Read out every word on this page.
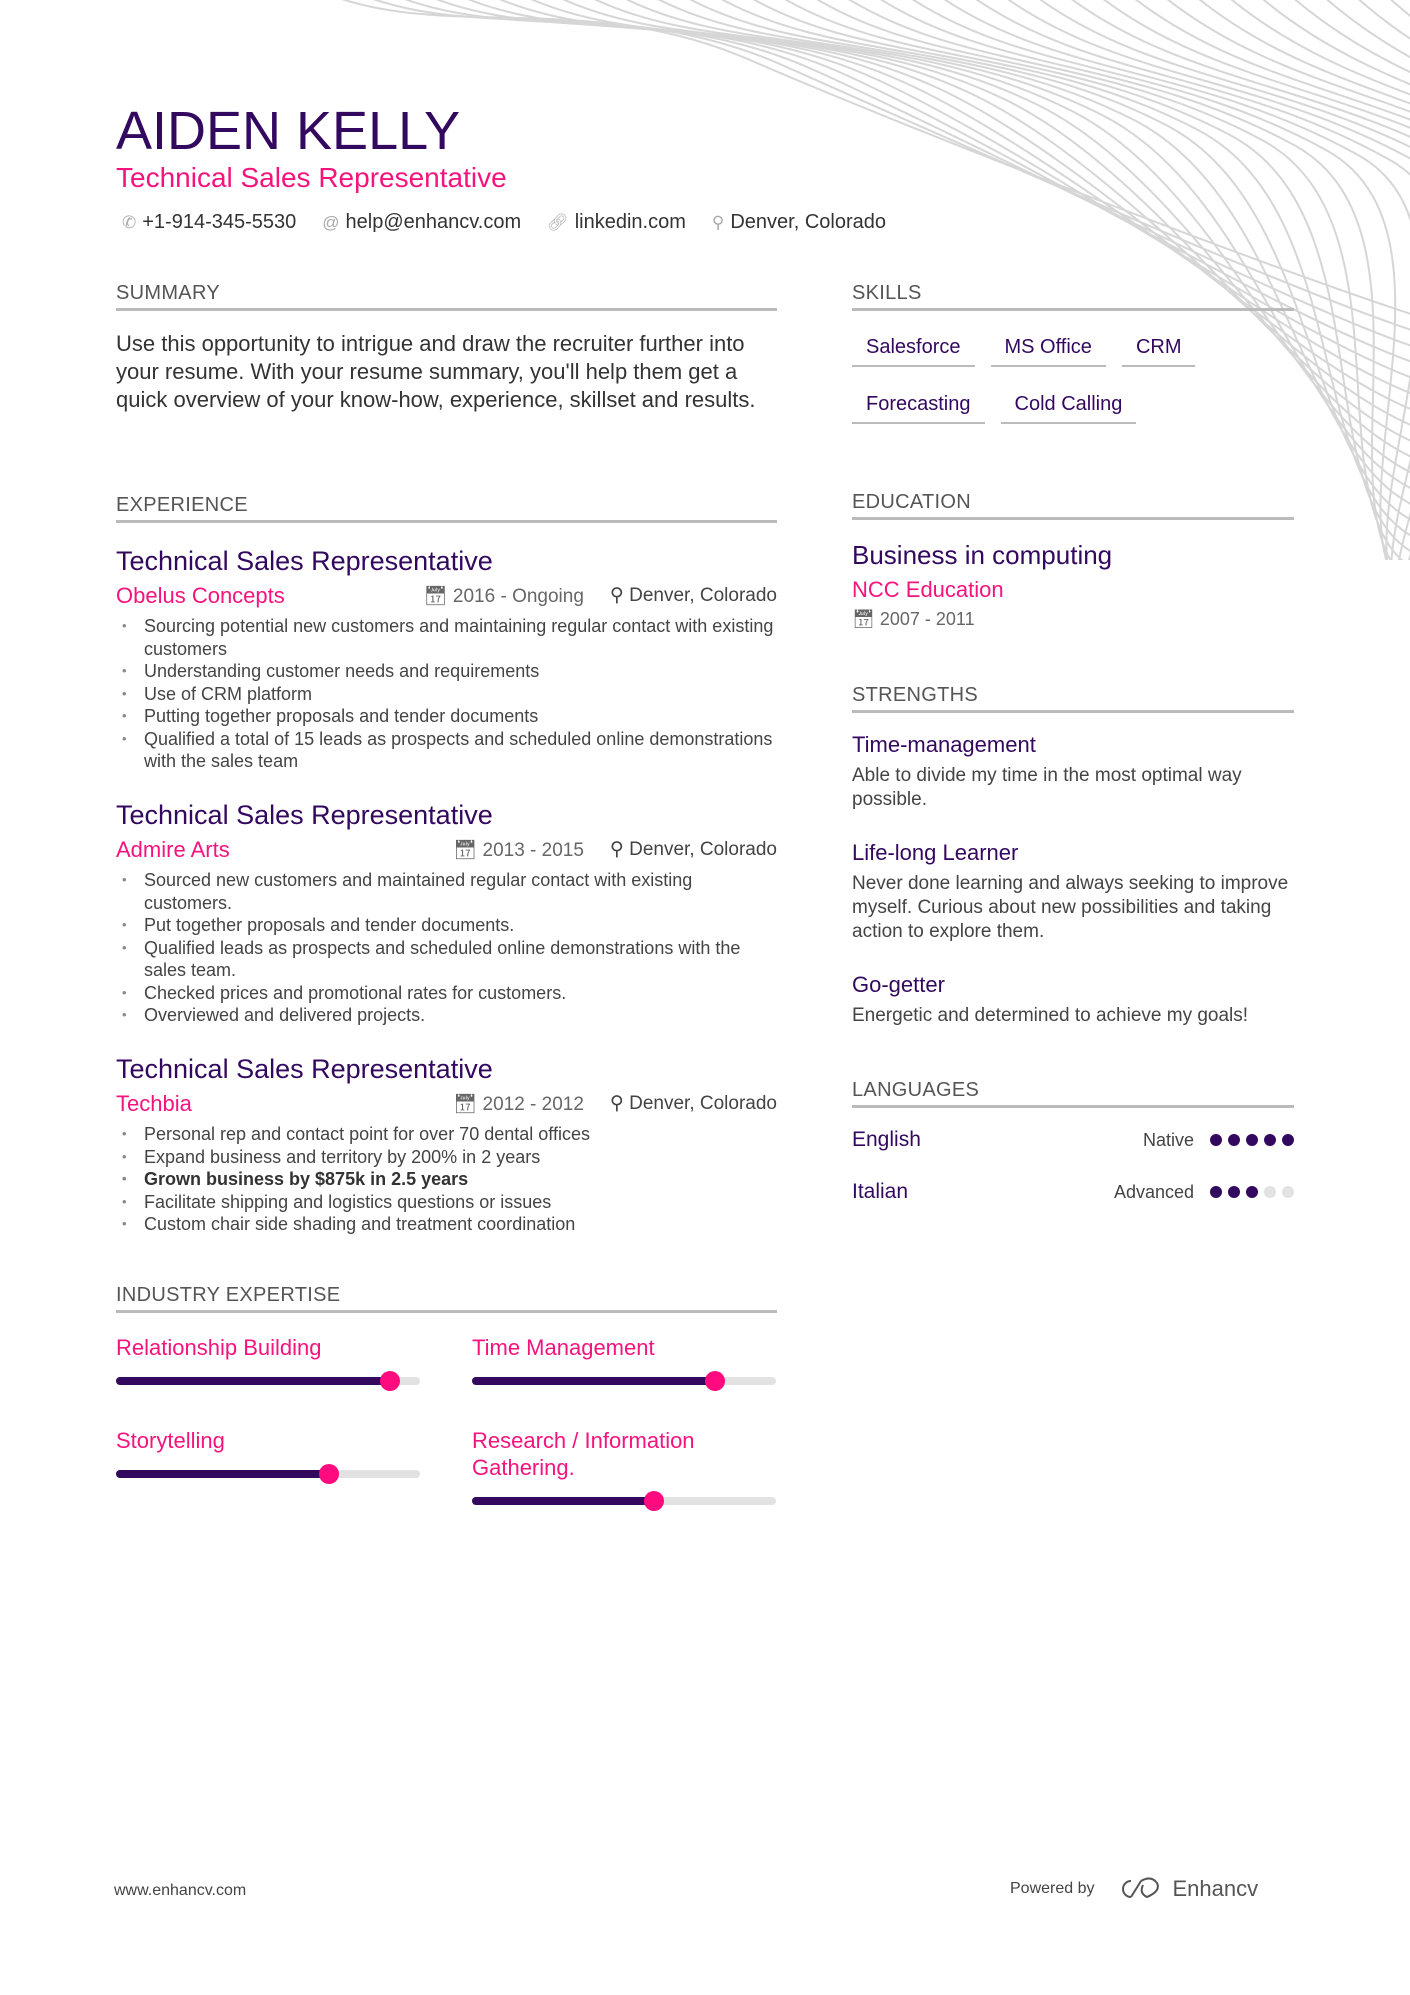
AIDEN KELLY
Technical Sales Representative
✆ +1-914-345-5530 @ help@enhancv.com 🔗︎ linkedin.com ⚲ Denver, Colorado
SUMMARY
Use this opportunity to intrigue and draw the recruiter further into your resume. With your resume summary, you'll help them get a quick overview of your know-how, experience, skillset and results.
EXPERIENCE
Technical Sales Representative
Obelus Concepts	📅︎ 2016 - Ongoing ⚲ Denver, Colorado
• Sourcing potential new customers and maintaining regular contact with existing customers
• Understanding customer needs and requirements
• Use of CRM platform
• Putting together proposals and tender documents
• Qualified a total of 15 leads as prospects and scheduled online demonstrations with the sales team
Technical Sales Representative
Admire Arts	📅︎ 2013 - 2015 ⚲ Denver, Colorado
• Sourced new customers and maintained regular contact with existing customers.
• Put together proposals and tender documents.
• Qualified leads as prospects and scheduled online demonstrations with the sales team.
• Checked prices and promotional rates for customers.
• Overviewed and delivered projects.
Technical Sales Representative
Techbia	📅︎ 2012 - 2012 ⚲ Denver, Colorado
• Personal rep and contact point for over 70 dental offices
• Expand business and territory by 200% in 2 years
• Grown business by $875k in 2.5 years
• Facilitate shipping and logistics questions or issues
• Custom chair side shading and treatment coordination
INDUSTRY EXPERTISE
Relationship Building	Time Management
Storytelling	Research / Information Gathering.
SKILLS
Salesforce	MS Office	CRM
Forecasting	Cold Calling
EDUCATION
Business in computing
NCC Education
📅︎ 2007 - 2011
STRENGTHS
Time-management
Able to divide my time in the most optimal way possible.
Life-long Learner
Never done learning and always seeking to improve myself. Curious about new possibilities and taking action to explore them.
Go-getter
Energetic and determined to achieve my goals!
LANGUAGES
English	Native
Italian	Advanced
www.enhancv.com	Powered by	Enhancv
